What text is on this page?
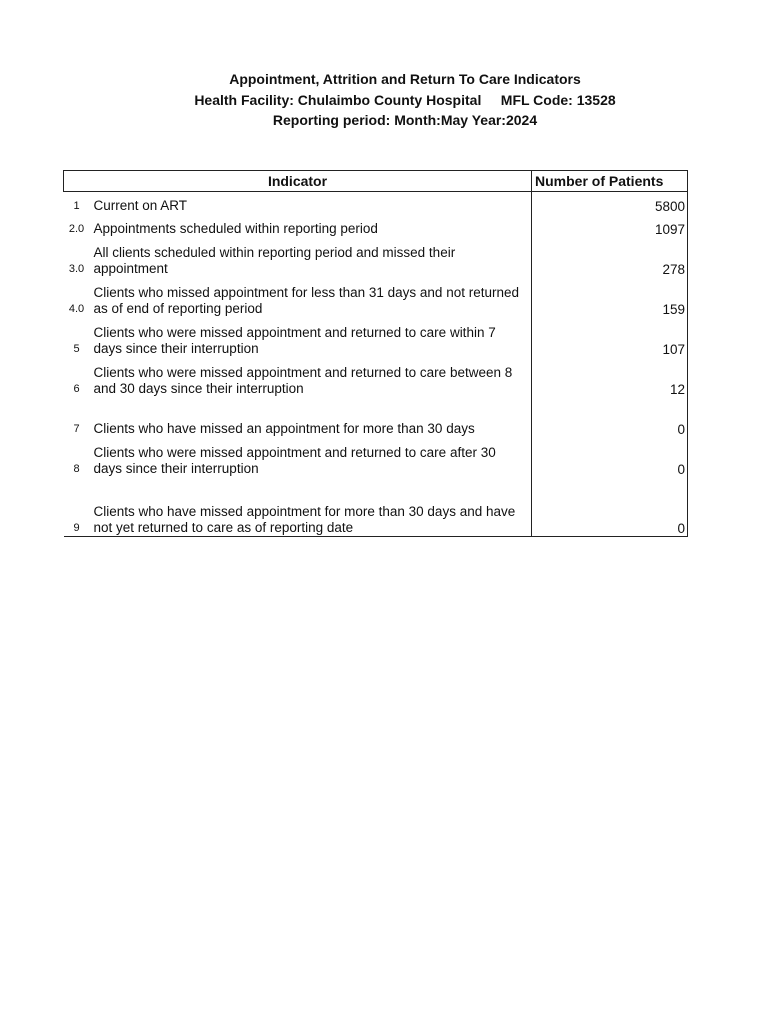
Appointment, Attrition and Return To Care Indicators
Health Facility: Chulaimbo County Hospital     MFL Code: 13528
Reporting period: Month:May Year:2024
Indicator		Number of Patients
1	Current on ART	5800
2.0	Appointments scheduled within reporting period	1097
3.0	All clients scheduled within reporting period and missed their appointment	278
4.0	Clients who missed appointment for less than 31 days and not returned as of end of reporting period	159
5	Clients who were missed appointment and returned to care within 7 days since their interruption	107
6	Clients who were missed appointment and returned to care between 8 and 30 days since their interruption	12
7	Clients who have missed an appointment for more than 30 days	0
8	Clients who were missed appointment and returned to care after 30 days since their interruption	0
9	Clients who have missed appointment for more than 30 days and have not yet returned to care as of reporting date	0
